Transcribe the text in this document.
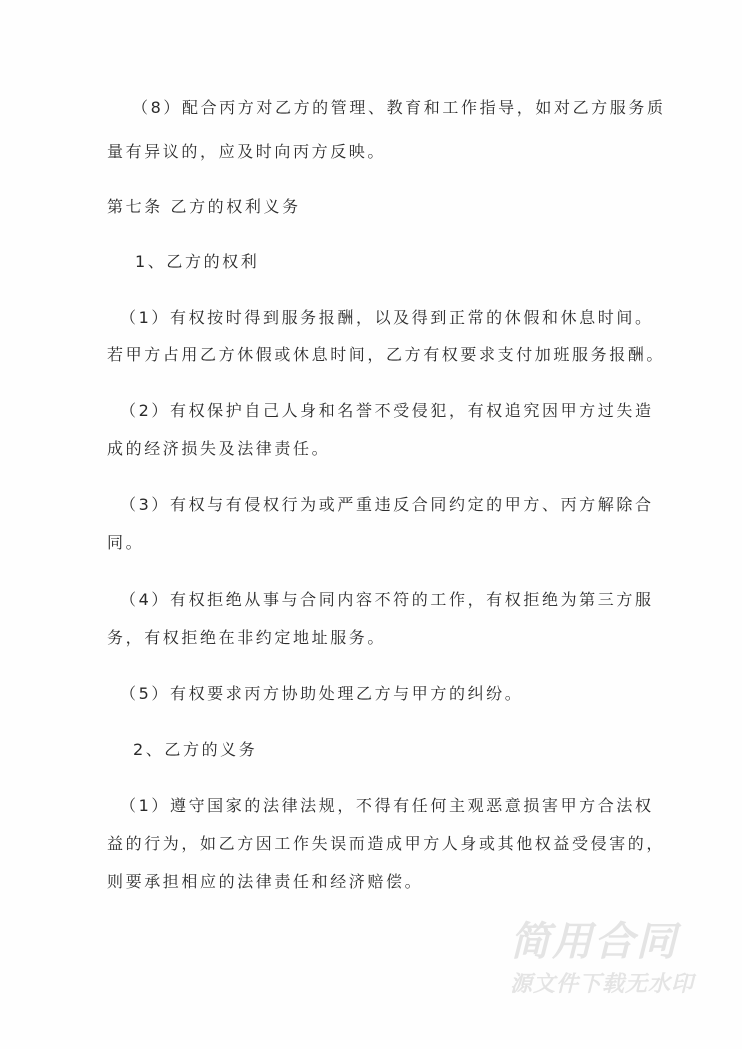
（8）配合丙方对乙方的管理、教育和工作指导，如对乙方服务质
量有异议的，应及时向丙方反映。
第七条 乙方的权利义务
1、乙方的权利
（1）有权按时得到服务报酬，以及得到正常的休假和休息时间。
若甲方占用乙方休假或休息时间，乙方有权要求支付加班服务报酬。
（2）有权保护自己人身和名誉不受侵犯，有权追究因甲方过失造
成的经济损失及法律责任。
（3）有权与有侵权行为或严重违反合同约定的甲方、丙方解除合
同。
（4）有权拒绝从事与合同内容不符的工作，有权拒绝为第三方服
务，有权拒绝在非约定地址服务。
（5）有权要求丙方协助处理乙方与甲方的纠纷。
2、乙方的义务
（1）遵守国家的法律法规，不得有任何主观恶意损害甲方合法权
益的行为，如乙方因工作失误而造成甲方人身或其他权益受侵害的，
则要承担相应的法律责任和经济赔偿。
简用合同
源文件下载无水印
